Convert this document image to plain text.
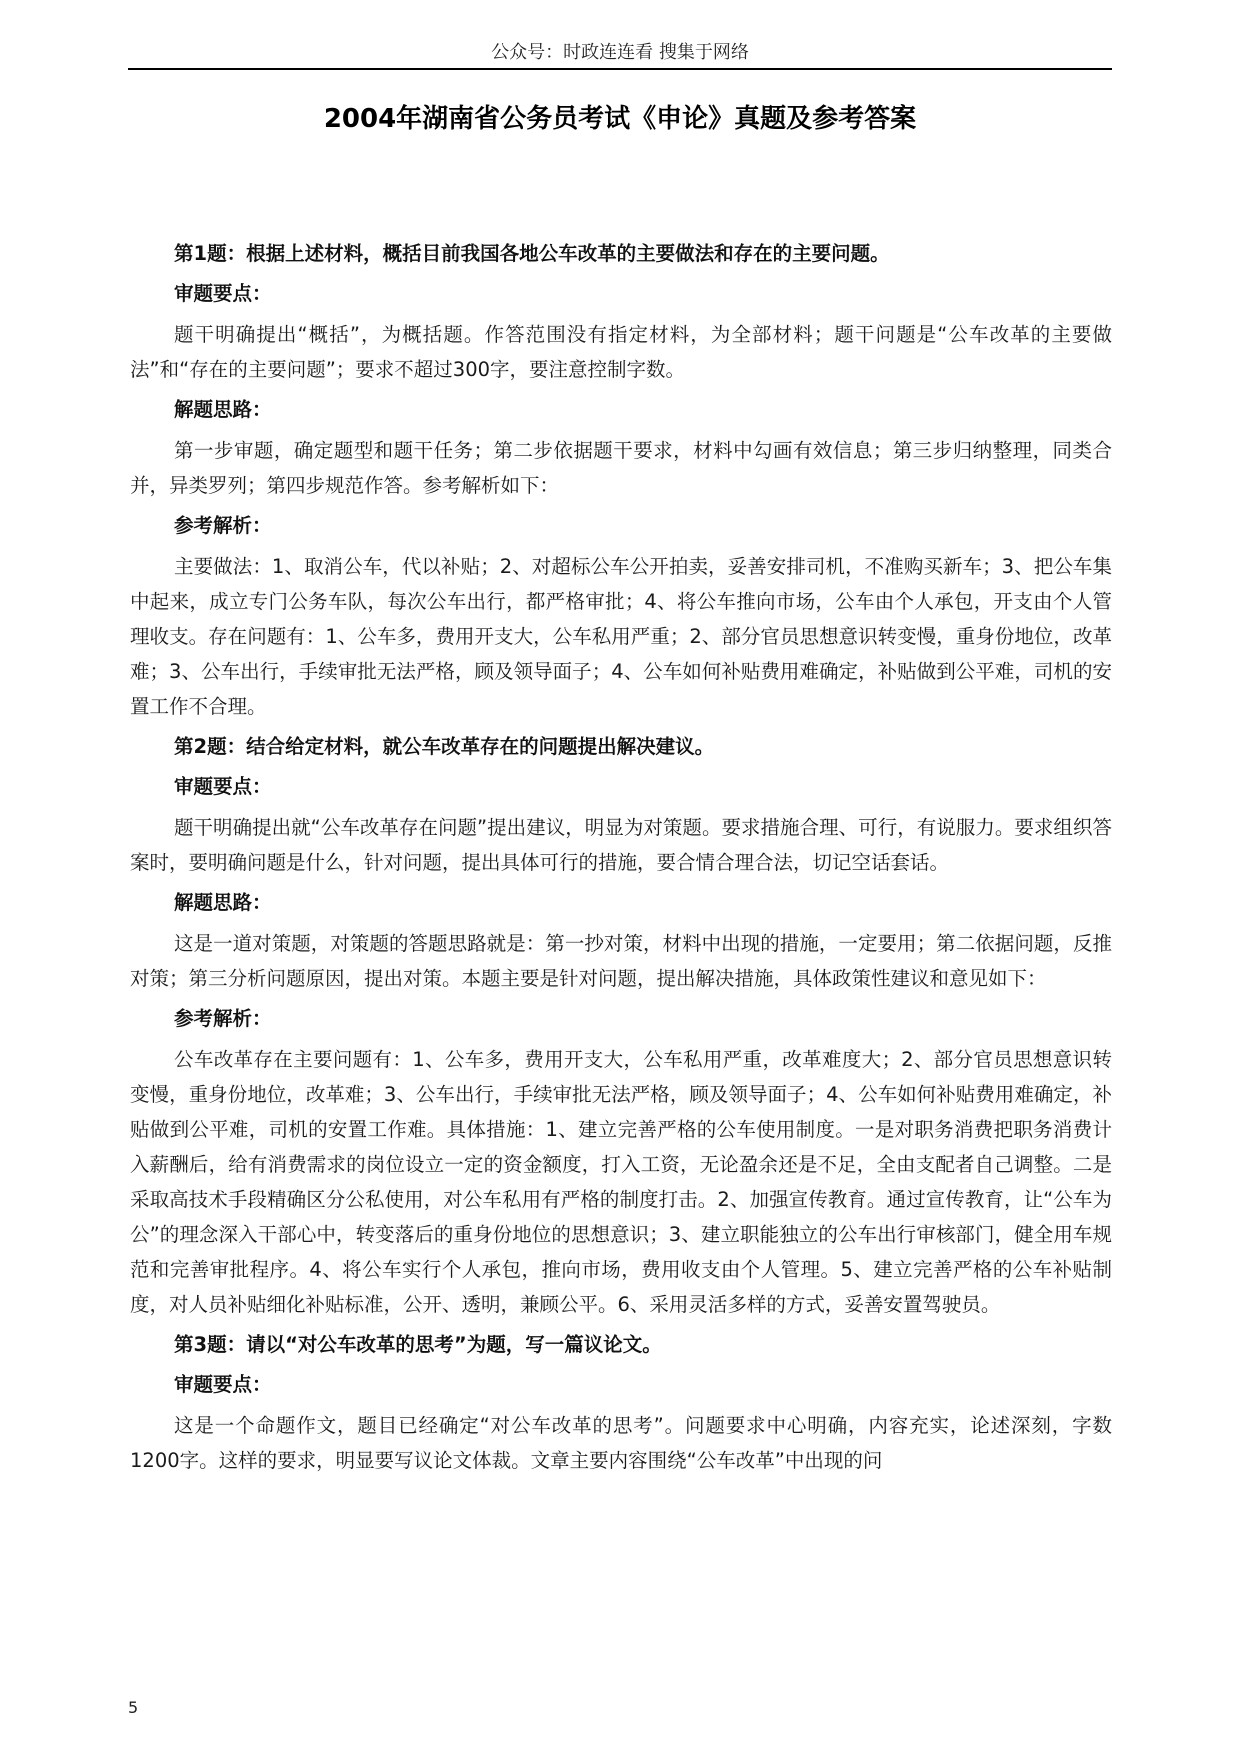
公众号：时政连连看 搜集于网络
2004年湖南省公务员考试《申论》真题及参考答案

第1题：根据上述材料，概括目前我国各地公车改革的主要做法和存在的主要问题。

审题要点：

题干明确提出“概括”，为概括题。作答范围没有指定材料，为全部材料；题干问题是“公车改革的主要做法”和“存在的主要问题”；要求不超过300字，要注意控制字数。

解题思路：

第一步审题，确定题型和题干任务；第二步依据题干要求，材料中勾画有效信息；第三步归纳整理，同类合并，异类罗列；第四步规范作答。参考解析如下：

参考解析：

主要做法：1、取消公车，代以补贴；2、对超标公车公开拍卖，妥善安排司机，不准购买新车；3、把公车集中起来，成立专门公务车队，每次公车出行，都严格审批；4、将公车推向市场，公车由个人承包，开支由个人管理收支。存在问题有：1、公车多，费用开支大，公车私用严重；2、部分官员思想意识转变慢，重身份地位，改革难；3、公车出行，手续审批无法严格，顾及领导面子；4、公车如何补贴费用难确定，补贴做到公平难，司机的安置工作不合理。

第2题：结合给定材料，就公车改革存在的问题提出解决建议。

审题要点：

题干明确提出就“公车改革存在问题”提出建议，明显为对策题。要求措施合理、可行，有说服力。要求组织答案时，要明确问题是什么，针对问题，提出具体可行的措施，要合情合理合法，切记空话套话。

解题思路：

这是一道对策题，对策题的答题思路就是：第一抄对策，材料中出现的措施，一定要用；第二依据问题，反推对策；第三分析问题原因，提出对策。本题主要是针对问题，提出解决措施，具体政策性建议和意见如下：

参考解析：

公车改革存在主要问题有：1、公车多，费用开支大，公车私用严重，改革难度大；2、部分官员思想意识转变慢，重身份地位，改革难；3、公车出行，手续审批无法严格，顾及领导面子；4、公车如何补贴费用难确定，补贴做到公平难，司机的安置工作难。具体措施：1、建立完善严格的公车使用制度。一是对职务消费把职务消费计入薪酬后，给有消费需求的岗位设立一定的资金额度，打入工资，无论盈余还是不足，全由支配者自己调整。二是采取高技术手段精确区分公私使用，对公车私用有严格的制度打击。2、加强宣传教育。通过宣传教育，让“公车为公”的理念深入干部心中，转变落后的重身份地位的思想意识；3、建立职能独立的公车出行审核部门，健全用车规范和完善审批程序。4、将公车实行个人承包，推向市场，费用收支由个人管理。5、建立完善严格的公车补贴制度，对人员补贴细化补贴标准，公开、透明，兼顾公平。6、采用灵活多样的方式，妥善安置驾驶员。

第3题：请以“对公车改革的思考”为题，写一篇议论文。

审题要点：

这是一个命题作文，题目已经确定“对公车改革的思考”。问题要求中心明确，内容充实，论述深刻，字数1200字。这样的要求，明显要写议论文体裁。文章主要内容围绕“公车改革”中出现的问

5
